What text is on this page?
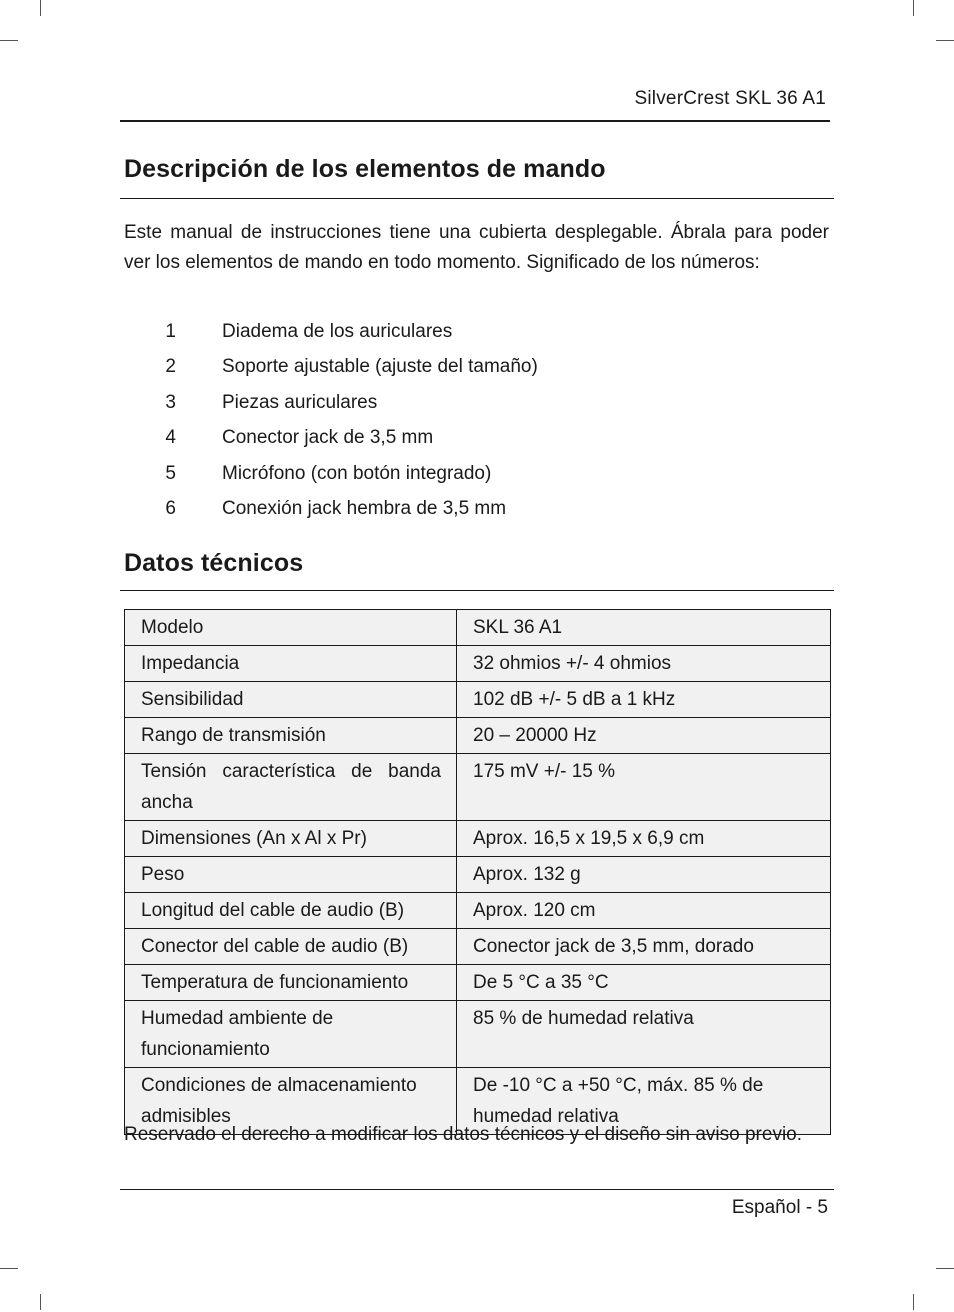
SilverCrest SKL 36 A1
Descripción de los elementos de mando

Este manual de instrucciones tiene una cubierta desplegable. Ábrala para poder ver los elementos de mando en todo momento. Significado de los números:

1	Diadema de los auriculares
2	Soporte ajustable (ajuste del tamaño)
3	Piezas auriculares
4	Conector jack de 3,5 mm
5	Micrófono (con botón integrado)
6	Conexión jack hembra de 3,5 mm
Datos técnicos
Modelo	SKL 36 A1
Impedancia	32 ohmios +/- 4 ohmios
Sensibilidad	102 dB +/- 5 dB a 1 kHz
Rango de transmisión	20 – 20000 Hz
Tensión característica de banda ancha	175 mV +/- 15 %
Dimensiones (An x Al x Pr)	Aprox. 16,5 x 19,5 x 6,9 cm
Peso	Aprox. 132 g
Longitud del cable de audio (B)	Aprox. 120 cm
Conector del cable de audio (B)	Conector jack de 3,5 mm, dorado
Temperatura de funcionamiento	De 5 °C a 35 °C
Humedad ambiente de funcionamiento	85 % de humedad relativa
Condiciones de almacenamiento admisibles	De -10 °C a +50 °C, máx. 85 % de humedad relativa

Reservado el derecho a modificar los datos técnicos y el diseño sin aviso previo.

Español - 5
